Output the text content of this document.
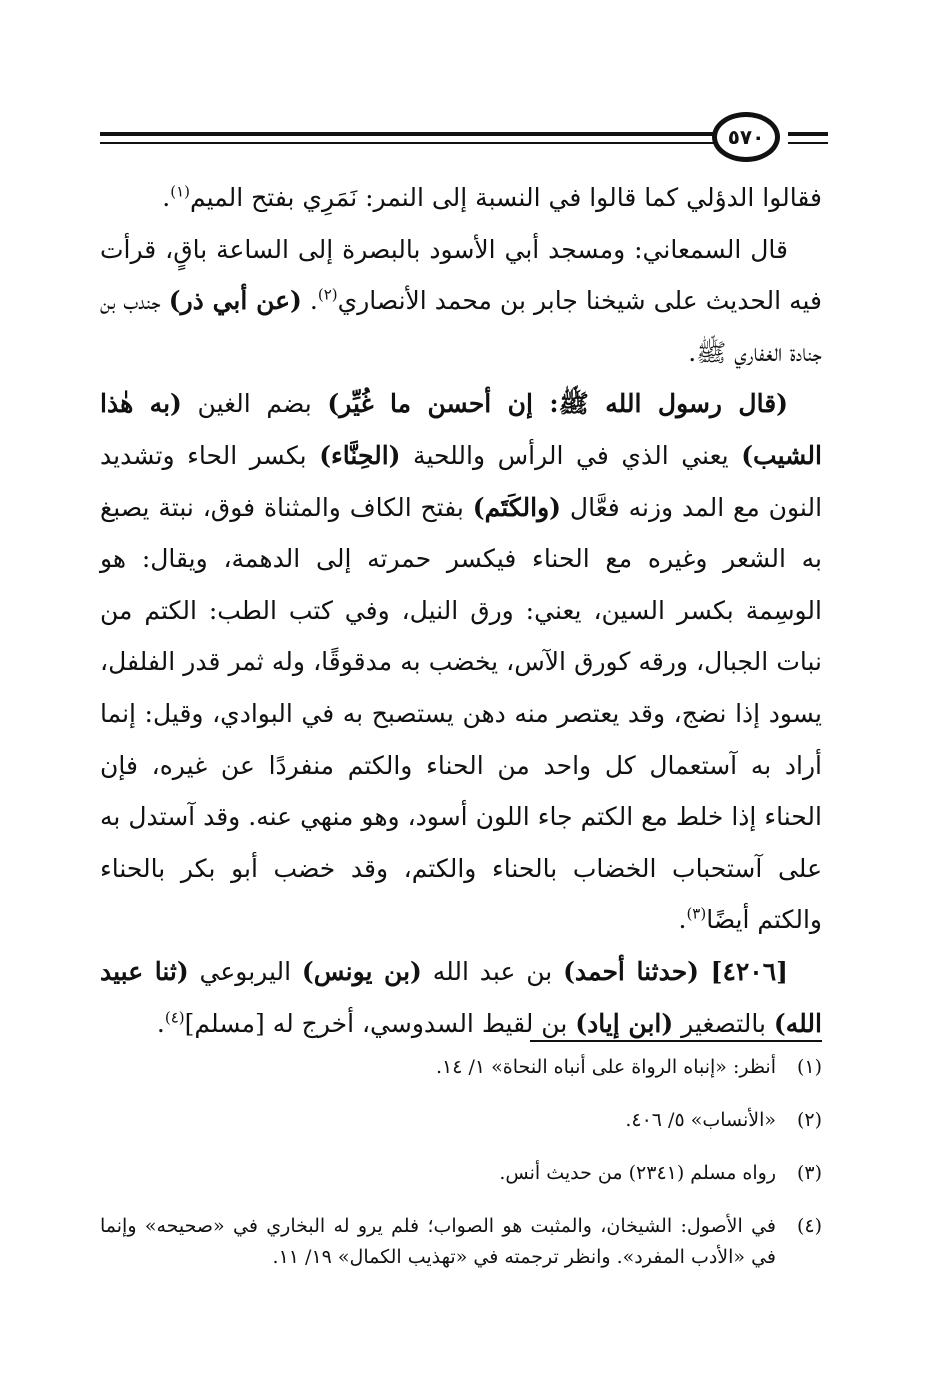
٥٧٠

فقالوا الدؤلي كما قالوا في النسبة إلى النمر: نَمَرِي بفتح الميم$^{(١)}$.

قال السمعاني: ومسجد أبي الأسود بالبصرة إلى الساعة باقٍ، قرأت فيه الحديث على شيخنا جابر بن محمد الأنصاري$^{(٢)}$. (عن أبي ذر) جندب بن جنادة الغفاري ﷺ.

(قال رسول الله ﷺ: إن أحسن ما غُيِّر) بضم الغين (به هٰذا الشيب) يعني الذي في الرأس واللحية (الحِنَّاء) بكسر الحاء وتشديد النون مع المد وزنه فعَّال (والكَتَم) بفتح الكاف والمثناة فوق، نبتة يصبغ به الشعر وغيره مع الحناء فيكسر حمرته إلى الدهمة، ويقال: هو الوسِمة بكسر السين، يعني: ورق النيل، وفي كتب الطب: الكتم من نبات الجبال، ورقه كورق الآس، يخضب به مدقوقًا، وله ثمر قدر الفلفل، يسود إذا نضج، وقد يعتصر منه دهن يستصبح به في البوادي، وقيل: إنما أراد به آستعمال كل واحد من الحناء والكتم منفردًا عن غيره، فإن الحناء إذا خلط مع الكتم جاء اللون أسود، وهو منهي عنه. وقد آستدل به على آستحباب الخضاب بالحناء والكتم، وقد خضب أبو بكر بالحناء والكتم أيضًا$^{(٣)}$.

[٤٢٠٦] (حدثنا أحمد) بن عبد الله (بن يونس) اليربوعي (ثنا عبيد الله) بالتصغير (ابن إياد) بن لقيط السدوسي، أخرج له [مسلم]$^{(٤)}$.

(١)
أنظر: «إنباه الرواة على أنباه النحاة» ١/ ١٤.
(٢)
«الأنساب» ٥/ ٤٠٦.
(٣)
رواه مسلم (٢٣٤١) من حديث أنس.
(٤)
في الأصول: الشيخان، والمثبت هو الصواب؛ فلم يرو له البخاري في «صحيحه» وإنما في «الأدب المفرد». وانظر ترجمته في «تهذيب الكمال» ١٩/ ١١.
